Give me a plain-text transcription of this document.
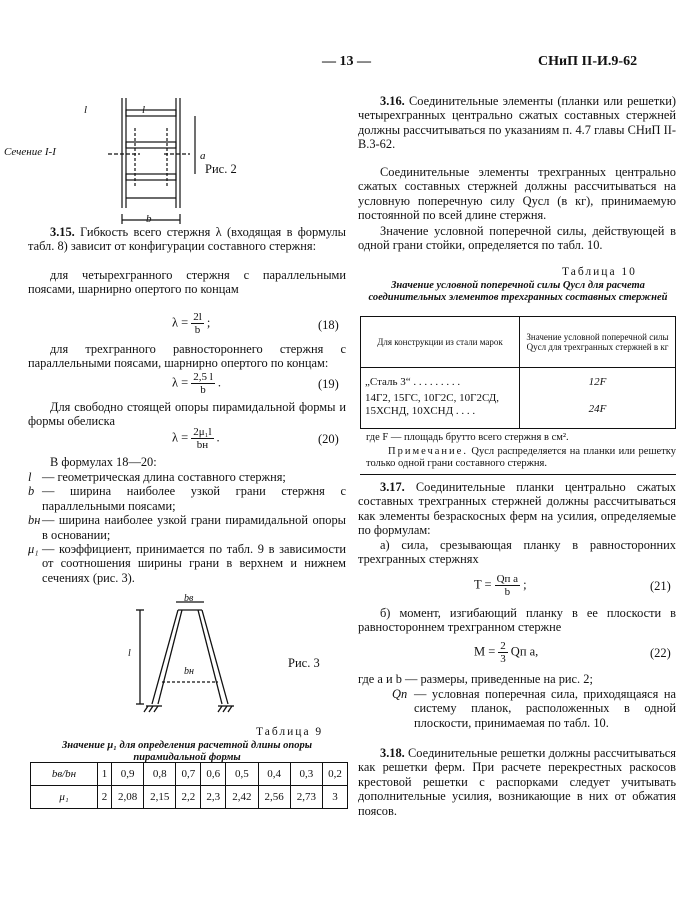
— 13 —	СНиП II-И.9-62
Сечение I-I
l	l
a
b
Рис. 2
3.15. Гибкость всего стержня λ (входящая в формулы табл. 8) зависит от конфигурации составного стержня:
для четырехгранного стержня с параллельными поясами, шарнирно опертого по концам
$\lambda = \frac{2l}{b}$ ;	(18)
для трехгранного равностороннего стержня с параллельными поясами, шарнирно опертого по концам:
$\lambda = \frac{2,5 l}{b}$ .	(19)
Для свободно стоящей опоры пирамидальной формы и формы обелиска
$\lambda = \frac{\text{2μ₁l}}{bн}$ .	(20)
В формулах 18—20:
l — геометрическая длина составного стержня;
b — ширина наиболее узкой грани стержня с параллельными поясами;
bн — ширина наиболее узкой грани пирамидальной опоры в основании;
μ₁ — коэффициент, принимается по табл. 9 в зависимости от соотношения ширины грани в верхнем и нижнем сечениях (рис. 3).
bв
bн
l
Рис. 3
Таблица 9
Значение μ₁ для определения расчетной длины опоры пирамидальной формы
bв/bн	1	0,9	0,8	0,7	0,6	0,5	0,4	0,3	0,2
μ₁	2	2,08	2,15	2,2	2,3	2,42	2,56	2,73	3
3.16. Соединительные элементы (планки или решетки) четырехгранных центрально сжатых составных стержней должны рассчитываться по указаниям п. 4.7 главы СНиП II-В.3-62.
Соединительные элементы трехгранных центрально сжатых составных стержней должны рассчитываться на условную поперечную силу Qусл (в кг), принимаемую постоянной по всей длине стержня.
Значение условной поперечной силы, действующей в одной грани стойки, определяется по табл. 10.
Таблица 10
Значение условной поперечной силы Qусл для расчета соединительных элементов трехгранных составных стержней
Для конструкции из стали марок	Значение условной поперечной силы Qусл для трехгранных стержней в кг
„Сталь 3“ . . . . . . . . .	12F
14Г2, 15ГС, 10Г2С, 10Г2СД, 15ХСНД, 10ХСНД . . . .	24F
где F — площадь брутто всего стержня в см².
Примечание. Qусл распределяется на планки или решетку только одной грани составного стержня.
3.17. Соединительные планки центрально сжатых составных трехгранных стержней должны рассчитываться как элементы безраскосных ферм на усилия, определяемые по формулам:
а) сила, срезывающая планку в равносторонних трехгранных стержнях
$T = \frac{\text{Qп a}}{b}$ ;	(21)
б) момент, изгибающий планку в ее плоскости в равностороннем трехгранном стержне
$M = \frac{2}{3}$ Qп a,	(22)
где a и b — размеры, приведенные на рис. 2;
Qп — условная поперечная сила, приходящаяся на систему планок, расположенных в одной плоскости, принимаемая по табл. 10.
3.18. Соединительные решетки должны рассчитываться как решетки ферм. При расчете перекрестных раскосов крестовой решетки с распорками следует учитывать дополнительные усилия, возникающие в них от обжатия поясов.
